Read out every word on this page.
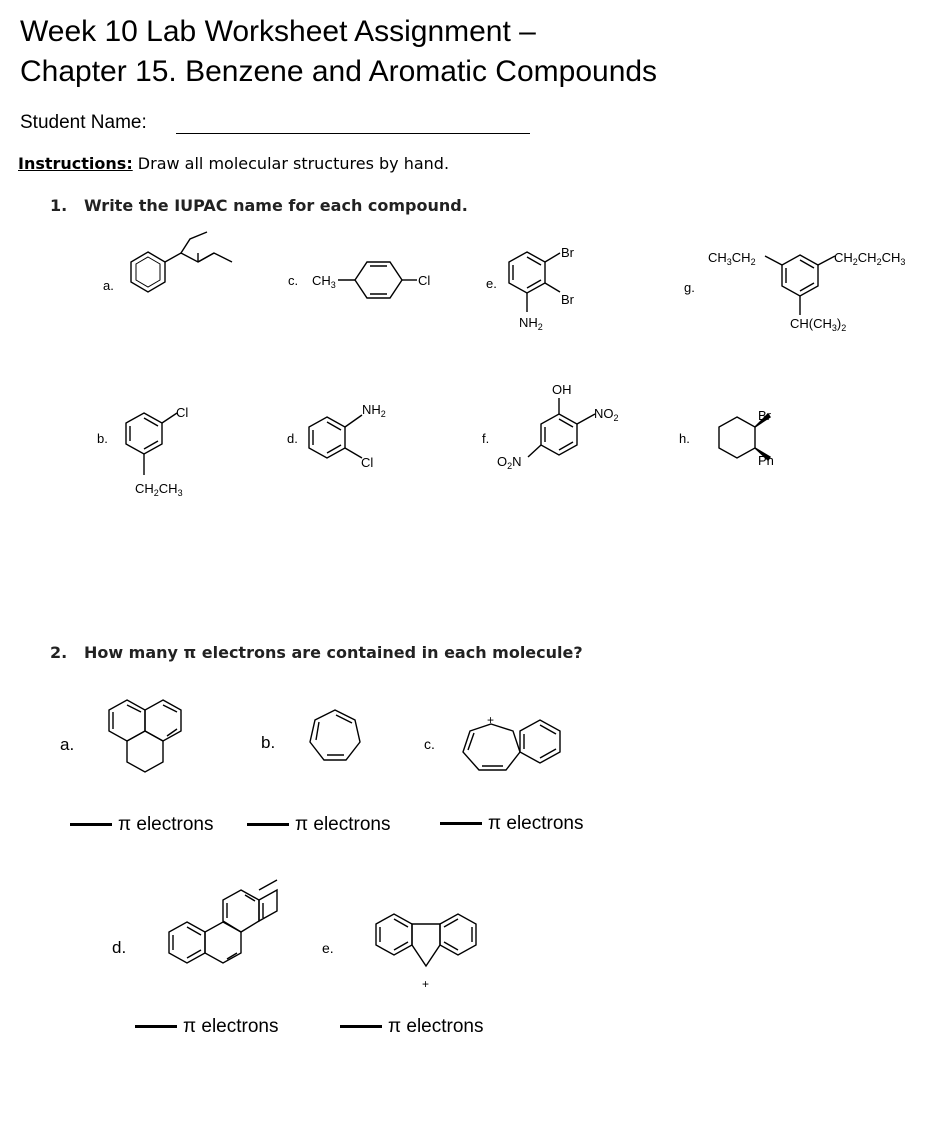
Week 10 Lab Worksheet Assignment –
Chapter 15. Benzene and Aromatic Compounds
Student Name:
Instructions: Draw all molecular structures by hand.
1. Write the IUPAC name for each compound.
2. How many π electrons are contained in each molecule?
a.	c.	e.	g.
b.	d.	f.	h.
a.	b.	c.
d.	e.
π electrons	π electrons	π electrons
π electrons	π electrons
$CH_3$	Cl
Br
Br
$NH_2$
$CH_3CH_2$	$CH_2CH_2CH_3$
$CH(CH_3)_2$
Cl
$CH_2CH_3$
$NH_2$
Cl
OH
$NO_2$
$O_2N$
Br
Ph
+
+
